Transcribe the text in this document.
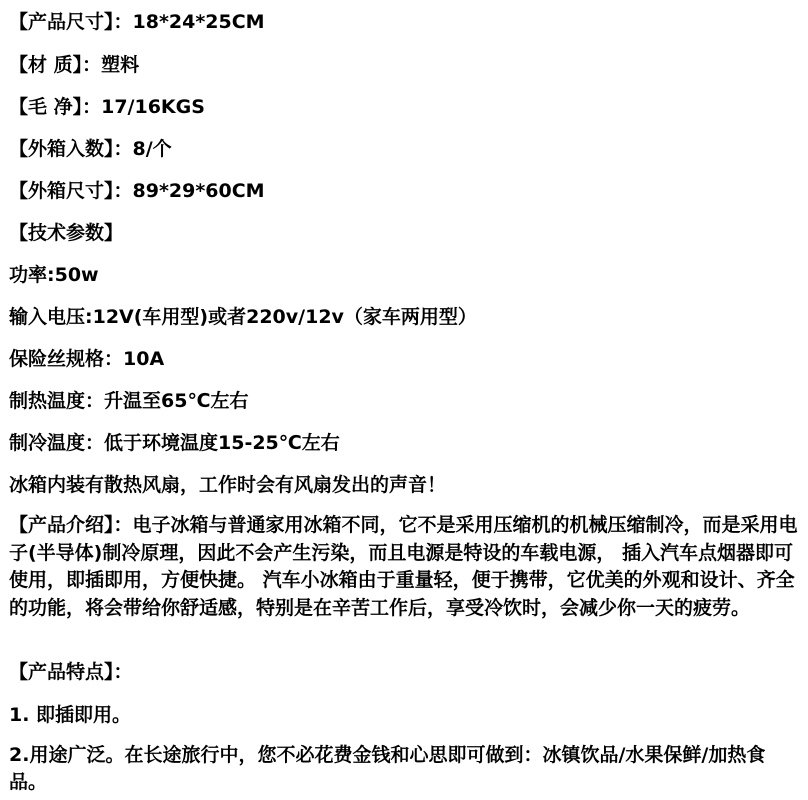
【产品尺寸】：18*24*25CM
【材 质】：塑料
【毛 净】：17/16KGS
【外箱入数】：8/个
【外箱尺寸】：89*29*60CM
【技术参数】
功率:50w
输入电压:12V(车用型)或者220v/12v（家车两用型）
保险丝规格：10A
制热温度：升温至65℃左右
制冷温度：低于环境温度15-25℃左右
冰箱内装有散热风扇，工作时会有风扇发出的声音！
【产品介绍】：电子冰箱与普通家用冰箱不同，它不是采用压缩机的机械压缩制冷，而是采用电子(半导体)制冷原理，因此不会产生污染，而且电源是特设的车载电源， 插入汽车点烟器即可使用，即插即用，方便快捷。 汽车小冰箱由于重量轻，便于携带，它优美的外观和设计、齐全的功能，将会带给你舒适感，特别是在辛苦工作后，享受冷饮时，会减少你一天的疲劳。
【产品特点】：
1. 即插即用。
2.用途广泛。在长途旅行中，您不必花费金钱和心思即可做到：冰镇饮品/水果保鲜/加热食品。
